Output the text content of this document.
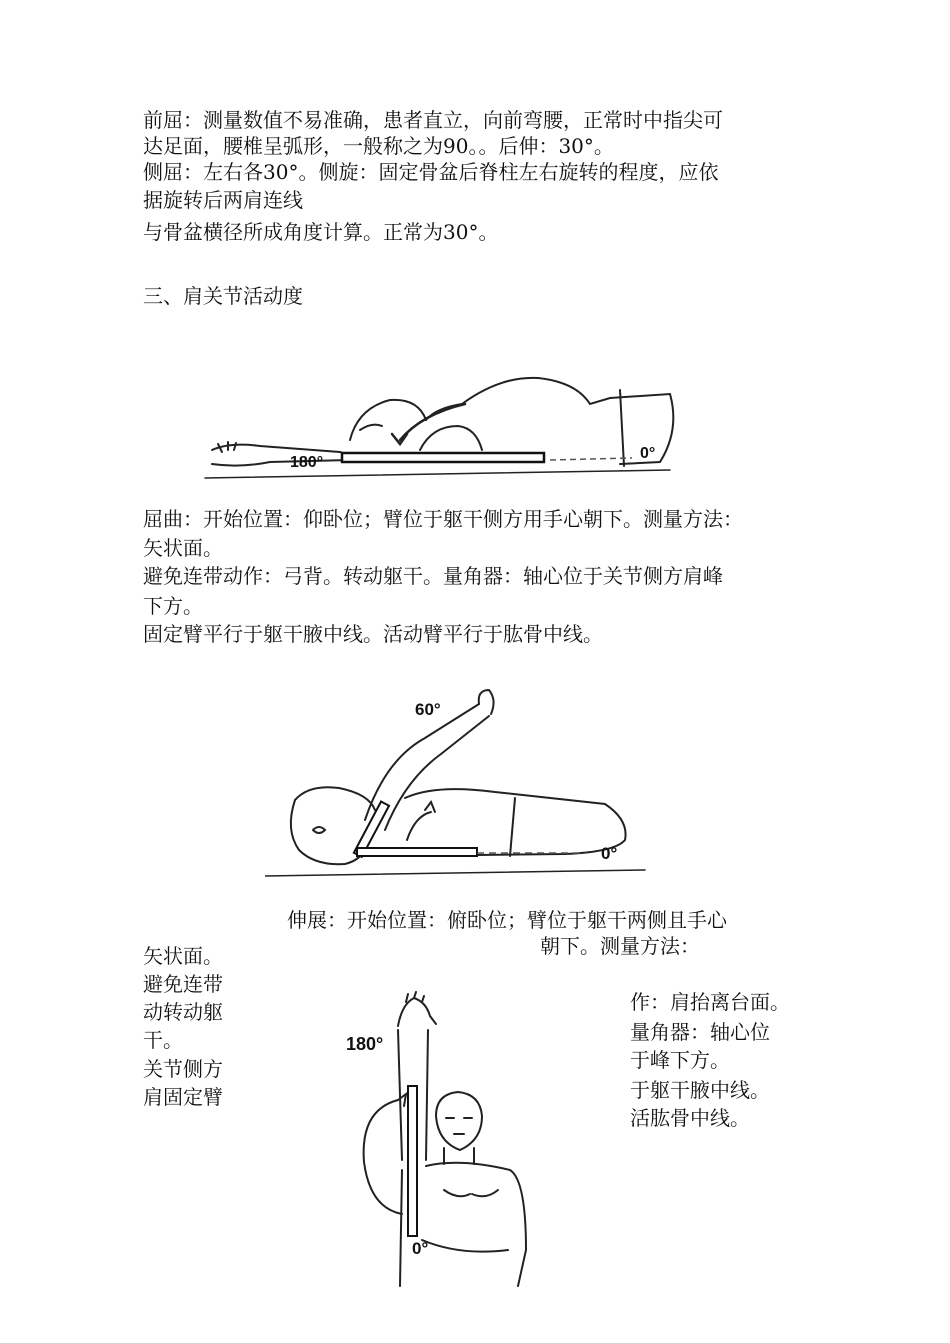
前屈：测量数值不易准确，患者直立，向前弯腰，正常时中指尖可
达足面，腰椎呈弧形，一般称之为90。。后伸：30°。
侧屈：左右各30°。侧旋：固定骨盆后脊柱左右旋转的程度，应依
据旋转后两肩连线
与骨盆横径所成角度计算。正常为30°。
三、肩关节活动度
180°
0°
屈曲：开始位置：仰卧位；臂位于躯干侧方用手心朝下。测量方法：
矢状面。
避免连带动作：弓背。转动躯干。量角器：轴心位于关节侧方肩峰
下方。
固定臂平行于躯干腋中线。活动臂平行于肱骨中线。
60°
0°
伸展：开始位置：俯卧位；臂位于躯干两侧且手心
朝下。测量方法：
矢状面。
避免连带
动转动躯
干。
关节侧方
肩固定臂
作：肩抬离台面。
量角器：轴心位
于峰下方。
于躯干腋中线。
活肱骨中线。
180°
0°
